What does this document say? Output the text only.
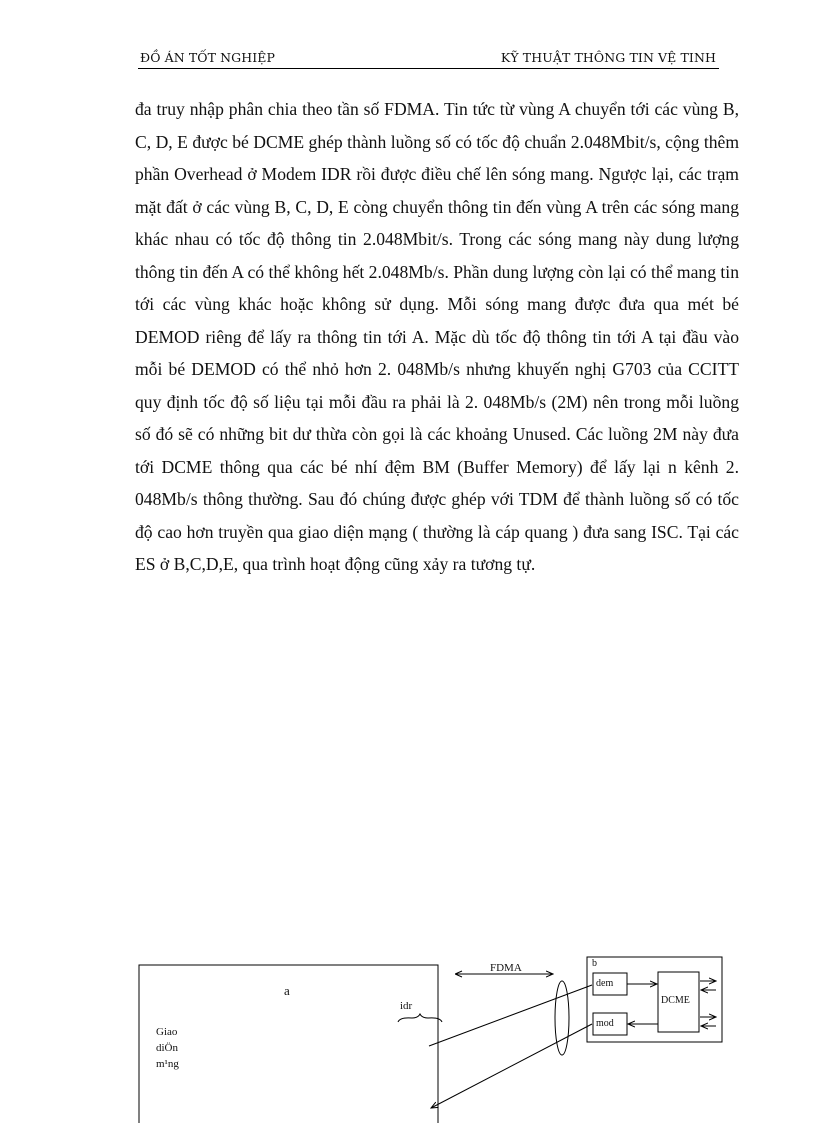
ĐỒ ÁN TỐT NGHIỆP	KỸ THUẬT THÔNG TIN VỆ TINH

đa truy nhập phân chia theo tần số FDMA. Tin tức từ vùng A chuyển tới các vùng B, C, D, E được bé DCME ghép thành luồng số có tốc độ chuẩn 2.048Mbit/s, cộng thêm phần Overhead ở Modem IDR rồi được điều chế lên sóng mang. Ngược lại, các trạm mặt đất ở các vùng B, C, D, E còng chuyển thông tin đến vùng A trên các sóng mang khác nhau có tốc độ thông tin 2.048Mbit/s. Trong các sóng mang này dung lượng thông tin đến A có thể không hết 2.048Mb/s. Phần dung lượng còn lại có thể mang tin tới các vùng khác hoặc không sử dụng. Mỗi sóng mang được đưa qua mét bé DEMOD riêng để lấy ra thông tin tới A. Mặc dù tốc độ thông tin tới A tại đầu vào mỗi bé DEMOD có thể nhỏ hơn 2. 048Mb/s nhưng khuyến nghị G703 của CCITT quy định tốc độ số liệu tại mỗi đầu ra phải là 2. 048Mb/s (2M) nên trong mỗi luồng số đó sẽ có những bit dư thừa còn gọi là các khoảng Unused. Các luồng 2M này đưa tới DCME thông qua các bé nhí đệm BM (Buffer Memory) để lấy lại n kênh 2. 048Mb/s thông thường. Sau đó chúng được ghép với TDM để thành luồng số có tốc độ cao hơn truyền qua giao diện mạng ( thường là cáp quang ) đưa sang ISC. Tại các ES ở B,C,D,E, qua trình hoạt động cũng xảy ra tương tự.

a
idr
Giao
diÖn
m¹ng
FDMA	b
dem
mod
DCME
